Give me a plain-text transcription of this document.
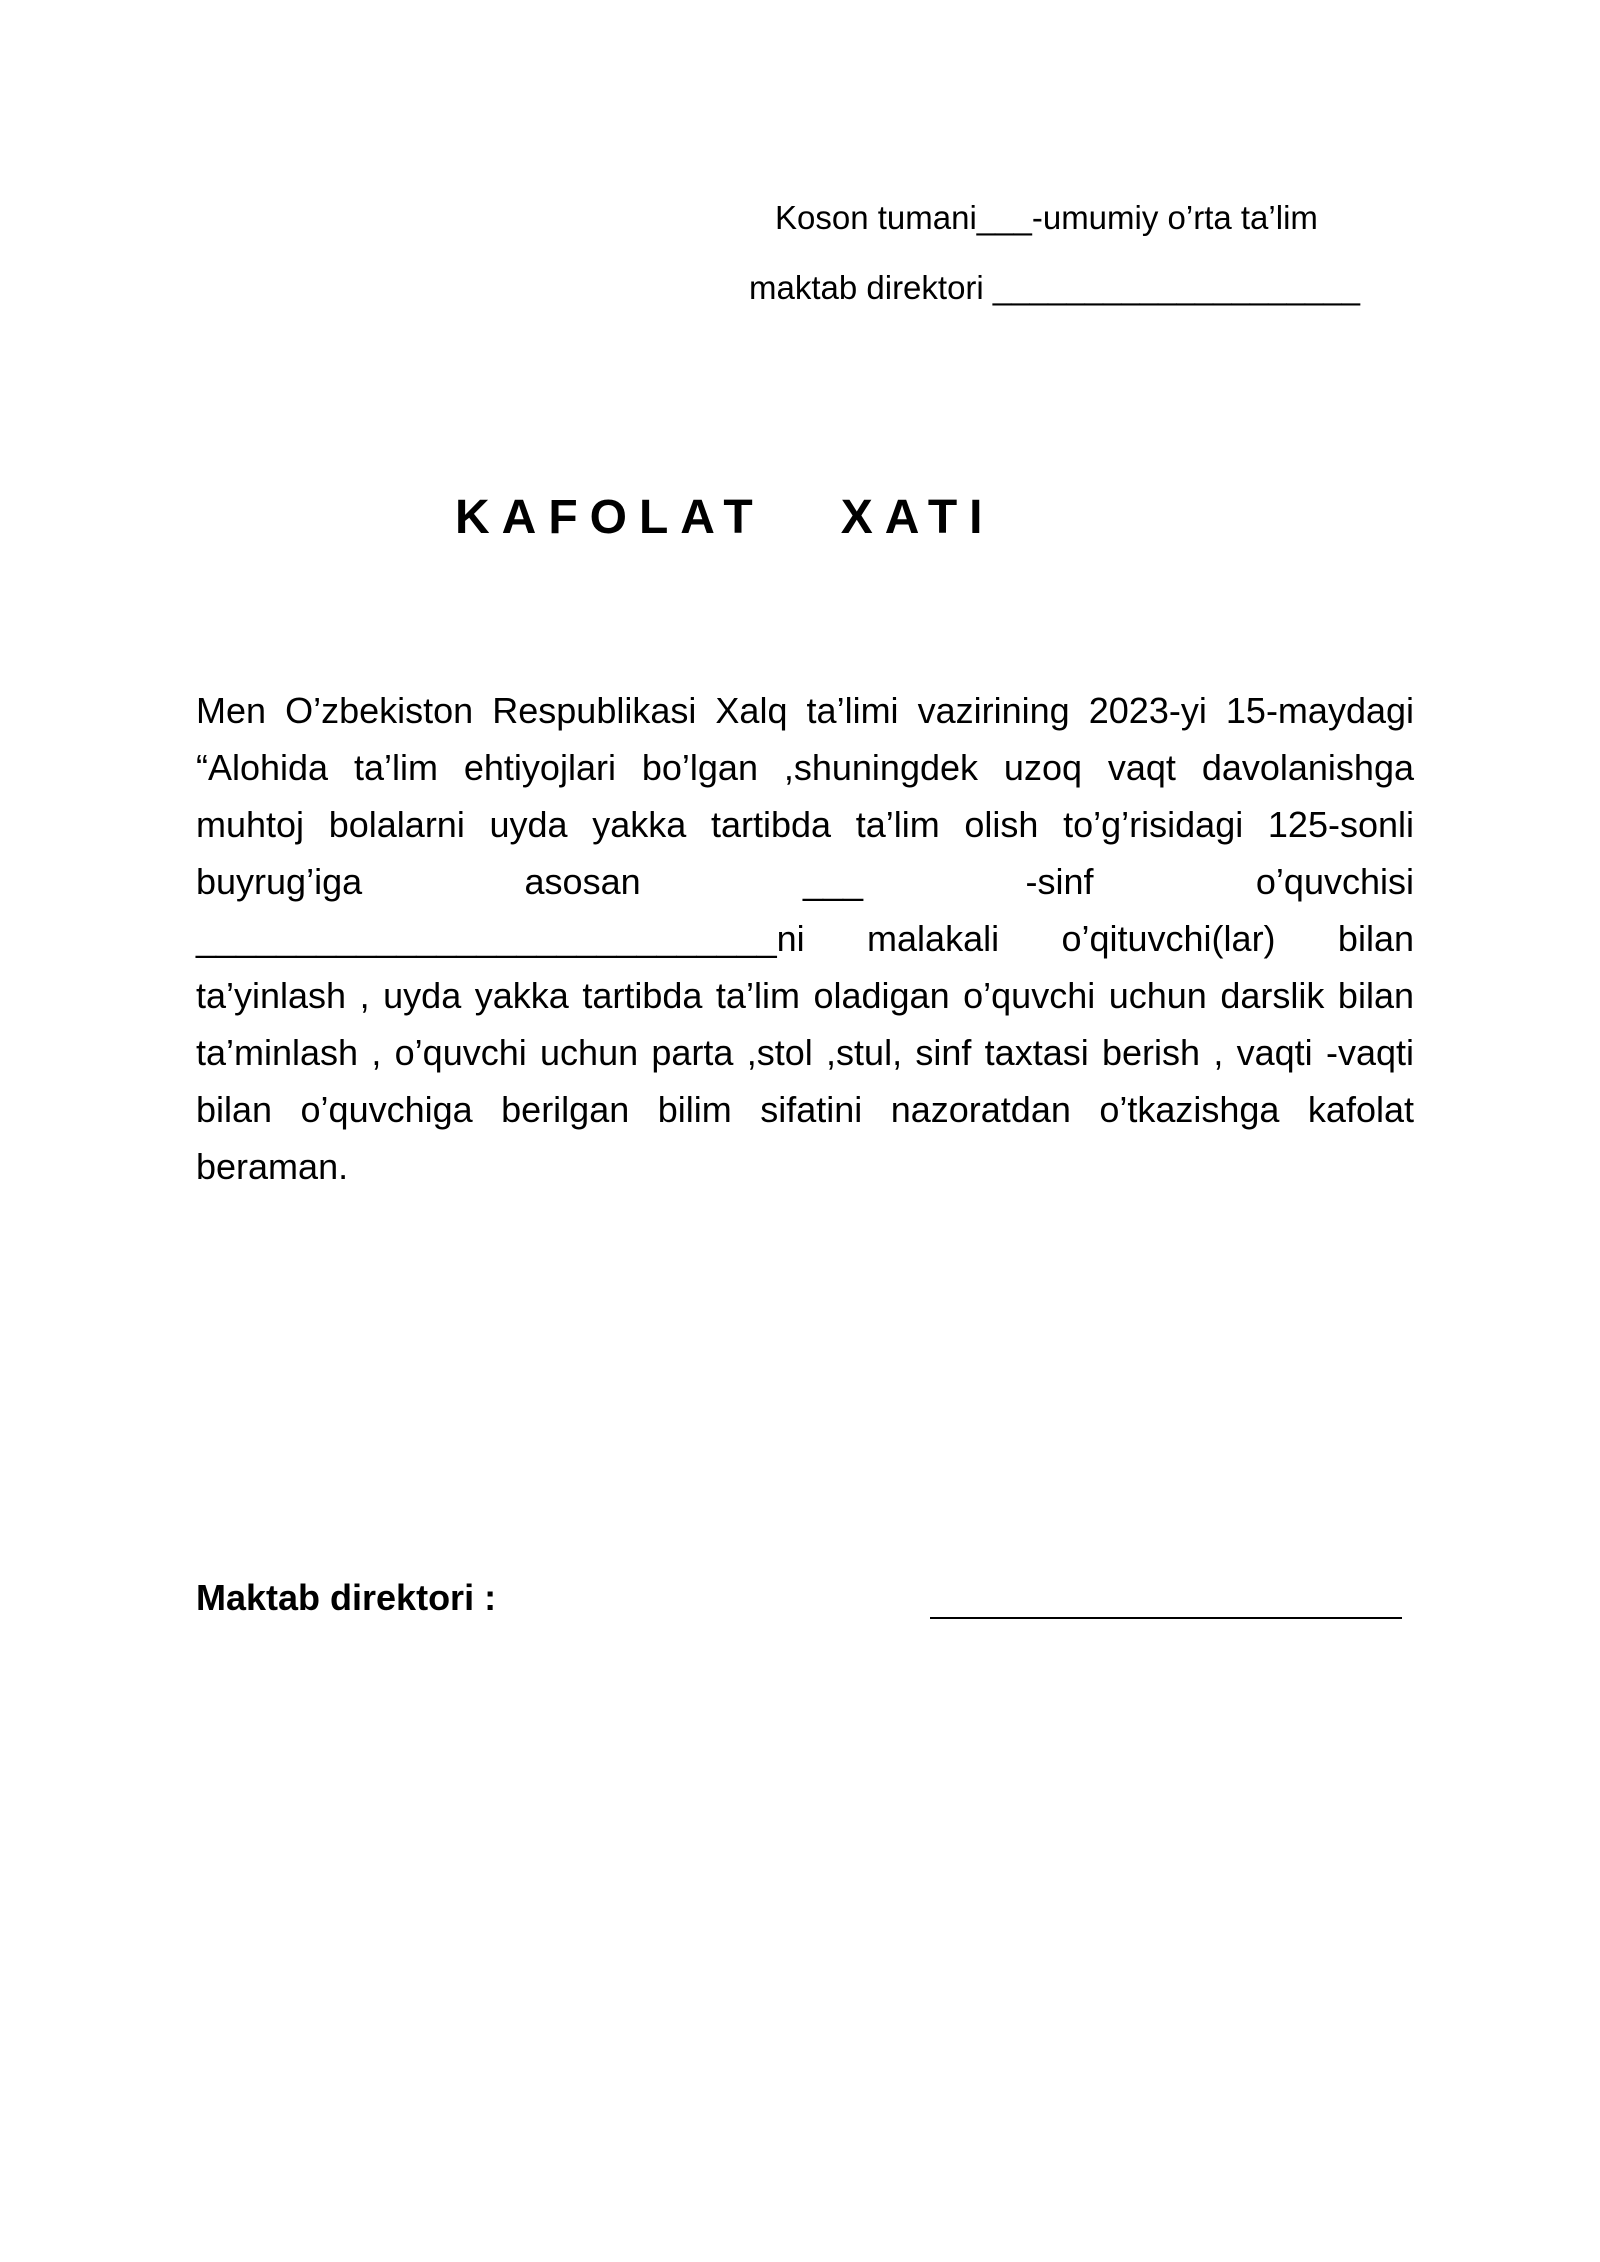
Koson tumani___-umumiy o’rta ta’lim
maktab direktori ____________________
KAFOLAT   XATI
Men O’zbekiston Respublikasi Xalq ta’limi vazirining 2023-yi 15-maydagi “Alohida ta’lim ehtiyojlari bo’lgan ,shuningdek uzoq vaqt davolanishga muhtoj bolalarni uyda yakka tartibda ta’lim olish to’g’risidagi 125-sonli buyrug’iga asosan ___ -sinf o’quvchisi _____________________________ni malakali o’qituvchi(lar) bilan ta’yinlash , uyda yakka tartibda ta’lim oladigan o’quvchi uchun darslik bilan ta’minlash , o’quvchi uchun parta ,stol ,stul, sinf taxtasi berish , vaqti -vaqti bilan o’quvchiga berilgan bilim sifatini nazoratdan o’tkazishga kafolat beraman.
Maktab direktori :
